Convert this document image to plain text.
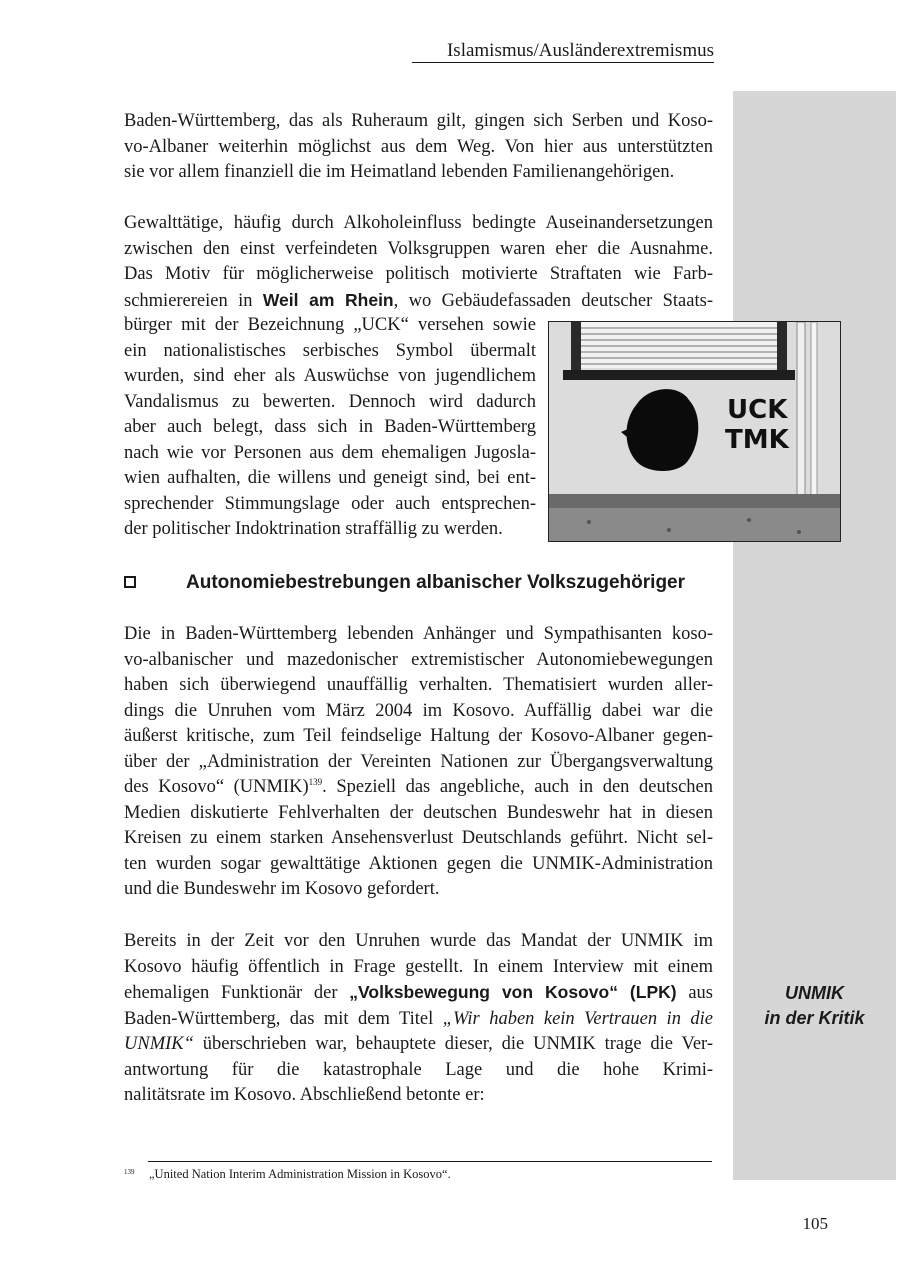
Islamismus/Ausländerextremismus
Baden-Württemberg, das als Ruheraum gilt, gingen sich Serben und Koso-
vo-Albaner weiterhin möglichst aus dem Weg. Von hier aus unterstützten
sie vor allem finanziell die im Heimatland lebenden Familienangehörigen.
Gewalttätige, häufig durch Alkoholeinfluss bedingte Auseinandersetzungen
zwischen den einst verfeindeten Volksgruppen waren eher die Ausnahme.
Das Motiv für möglicherweise politisch motivierte Straftaten wie Farb-
schmierereien in Weil am Rhein, wo Gebäudefassaden deutscher Staats-
bürger mit der Bezeichnung „UCK“ versehen sowie
ein nationalistisches serbisches Symbol übermalt
wurden, sind eher als Auswüchse von jugendlichem
Vandalismus zu bewerten. Dennoch wird dadurch
aber auch belegt, dass sich in Baden-Württemberg
nach wie vor Personen aus dem ehemaligen Jugosla-
wien aufhalten, die willens und geneigt sind, bei ent-
sprechender Stimmungslage oder auch entsprechen-
der politischer Indoktrination straffällig zu werden.
UCK
TMK
Autonomiebestrebungen albanischer Volkszugehöriger
Die in Baden-Württemberg lebenden Anhänger und Sympathisanten koso-
vo-albanischer und mazedonischer extremistischer Autonomiebewegungen
haben sich überwiegend unauffällig verhalten. Thematisiert wurden aller-
dings die Unruhen vom März 2004 im Kosovo. Auffällig dabei war die
äußerst kritische, zum Teil feindselige Haltung der Kosovo-Albaner gegen-
über der „Administration der Vereinten Nationen zur Übergangsverwaltung
des Kosovo“ (UNMIK)$^{139}$. Speziell das angebliche, auch in den deutschen
Medien diskutierte Fehlverhalten der deutschen Bundeswehr hat in diesen
Kreisen zu einem starken Ansehensverlust Deutschlands geführt. Nicht sel-
ten wurden sogar gewalttätige Aktionen gegen die UNMIK-Administration
und die Bundeswehr im Kosovo gefordert.
Bereits in der Zeit vor den Unruhen wurde das Mandat der UNMIK im
Kosovo häufig öffentlich in Frage gestellt. In einem Interview mit einem
ehemaligen Funktionär der „Volksbewegung von Kosovo“ (LPK) aus
Baden-Württemberg, das mit dem Titel „Wir haben kein Vertrauen in die
UNMIK“ überschrieben war, behauptete dieser, die UNMIK trage die Ver-
antwortung für die katastrophale Lage und die hohe Krimi-
nalitätsrate im Kosovo. Abschließend betonte er:
UNMIK
in der Kritik
$^{139}$ „United Nation Interim Administration Mission in Kosovo“.
105
